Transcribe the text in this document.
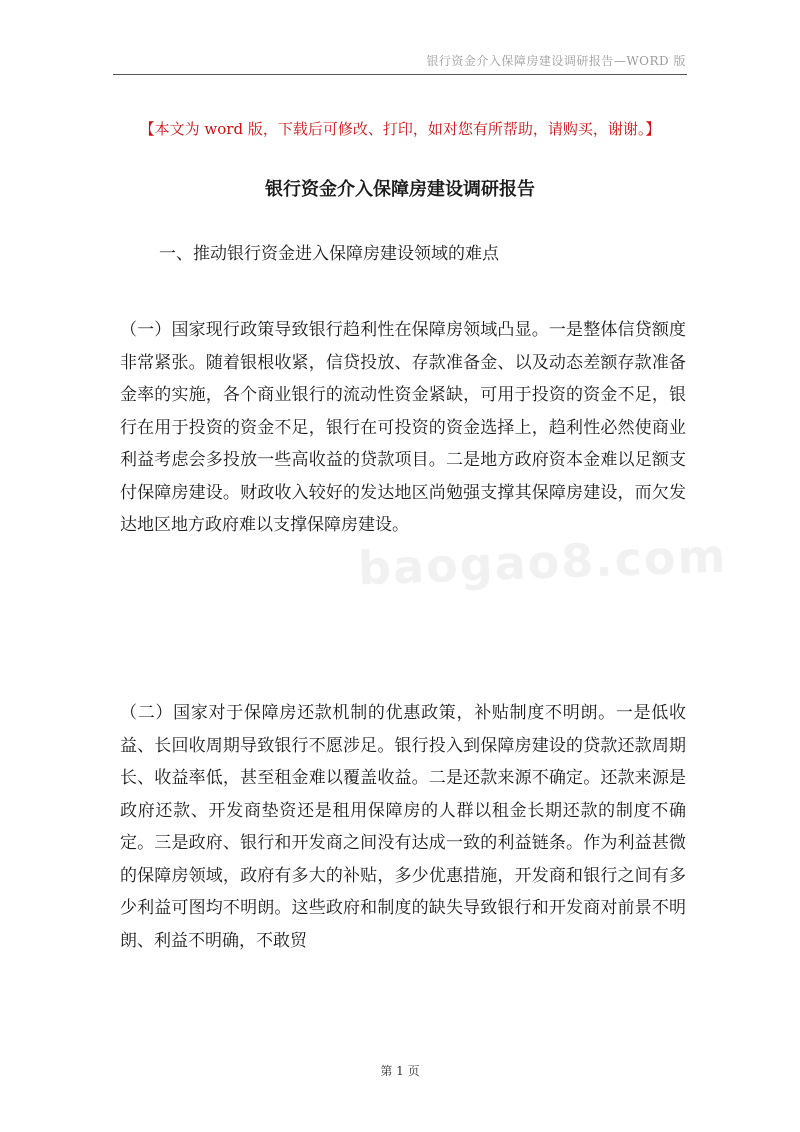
银行资金介入保障房建设调研报告—WORD 版
【本文为 word 版，下载后可修改、打印，如对您有所帮助，请购买，谢谢。】
银行资金介入保障房建设调研报告
一、推动银行资金进入保障房建设领域的难点

（一）国家现行政策导致银行趋利性在保障房领域凸显。一是整体信贷额度非常紧张。随着银根收紧，信贷投放、存款准备金、以及动态差额存款准备金率的实施，各个商业银行的流动性资金紧缺，可用于投资的资金不足，银行在用于投资的资金不足，银行在可投资的资金选择上，趋利性必然使商业利益考虑会多投放一些高收益的贷款项目。二是地方政府资本金难以足额支付保障房建设。财政收入较好的发达地区尚勉强支撑其保障房建设，而欠发达地区地方政府难以支撑保障房建设。

baogao8.com

（二）国家对于保障房还款机制的优惠政策，补贴制度不明朗。一是低收益、长回收周期导致银行不愿涉足。银行投入到保障房建设的贷款还款周期长、收益率低，甚至租金难以覆盖收益。二是还款来源不确定。还款来源是政府还款、开发商垫资还是租用保障房的人群以租金长期还款的制度不确定。三是政府、银行和开发商之间没有达成一致的利益链条。作为利益甚微的保障房领域，政府有多大的补贴，多少优惠措施，开发商和银行之间有多少利益可图均不明朗。这些政府和制度的缺失导致银行和开发商对前景不明朗、利益不明确，不敢贸

第 1 页
